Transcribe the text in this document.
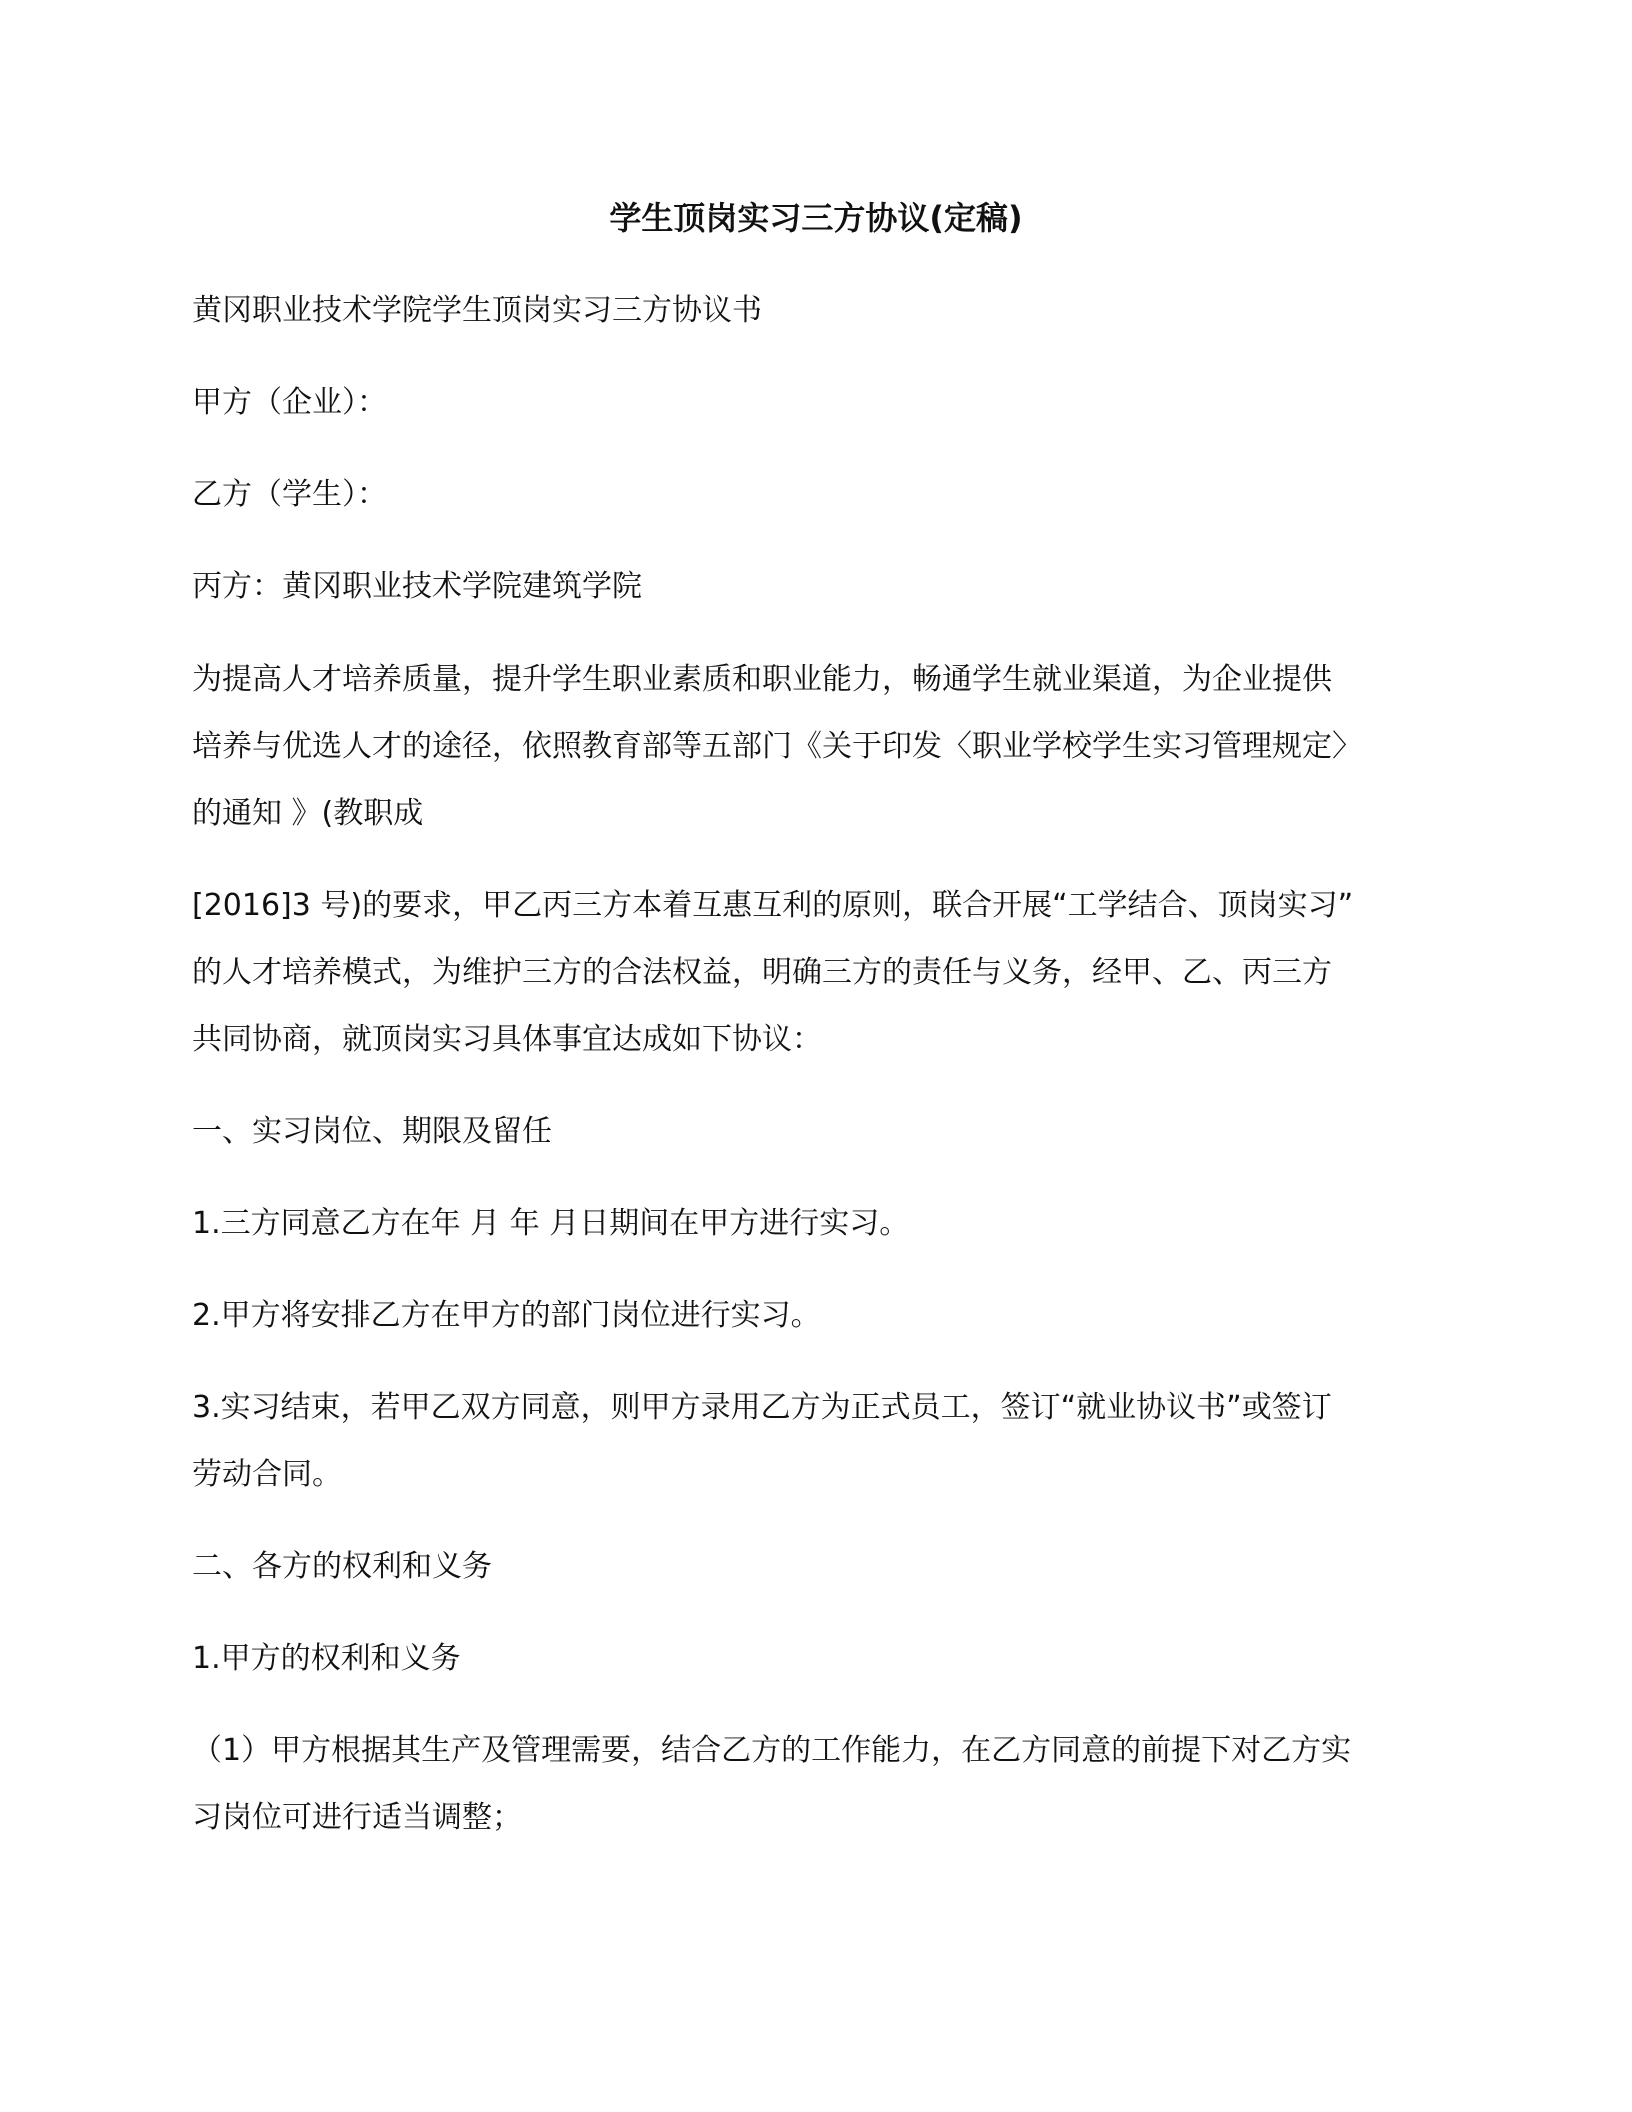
学生顶岗实习三方协议(定稿)
黄冈职业技术学院学生顶岗实习三方协议书
甲方（企业）：
乙方（学生）：
丙方：黄冈职业技术学院建筑学院
为提高人才培养质量，提升学生职业素质和职业能力，畅通学生就业渠道，为企业提供
培养与优选人才的途径，依照教育部等五部门《关于印发〈职业学校学生实习管理规定〉
的通知 》(教职成
[2016]3 号)的要求，甲乙丙三方本着互惠互利的原则，联合开展“工学结合、顶岗实习”
的人才培养模式，为维护三方的合法权益，明确三方的责任与义务，经甲、乙、丙三方
共同协商，就顶岗实习具体事宜达成如下协议：
一、实习岗位、期限及留任
1.三方同意乙方在年 月 年 月日期间在甲方进行实习。
2.甲方将安排乙方在甲方的部门岗位进行实习。
3.实习结束，若甲乙双方同意，则甲方录用乙方为正式员工，签订“就业协议书”或签订
劳动合同。
二、各方的权利和义务
1.甲方的权利和义务
（1）甲方根据其生产及管理需要，结合乙方的工作能力，在乙方同意的前提下对乙方实
习岗位可进行适当调整；
